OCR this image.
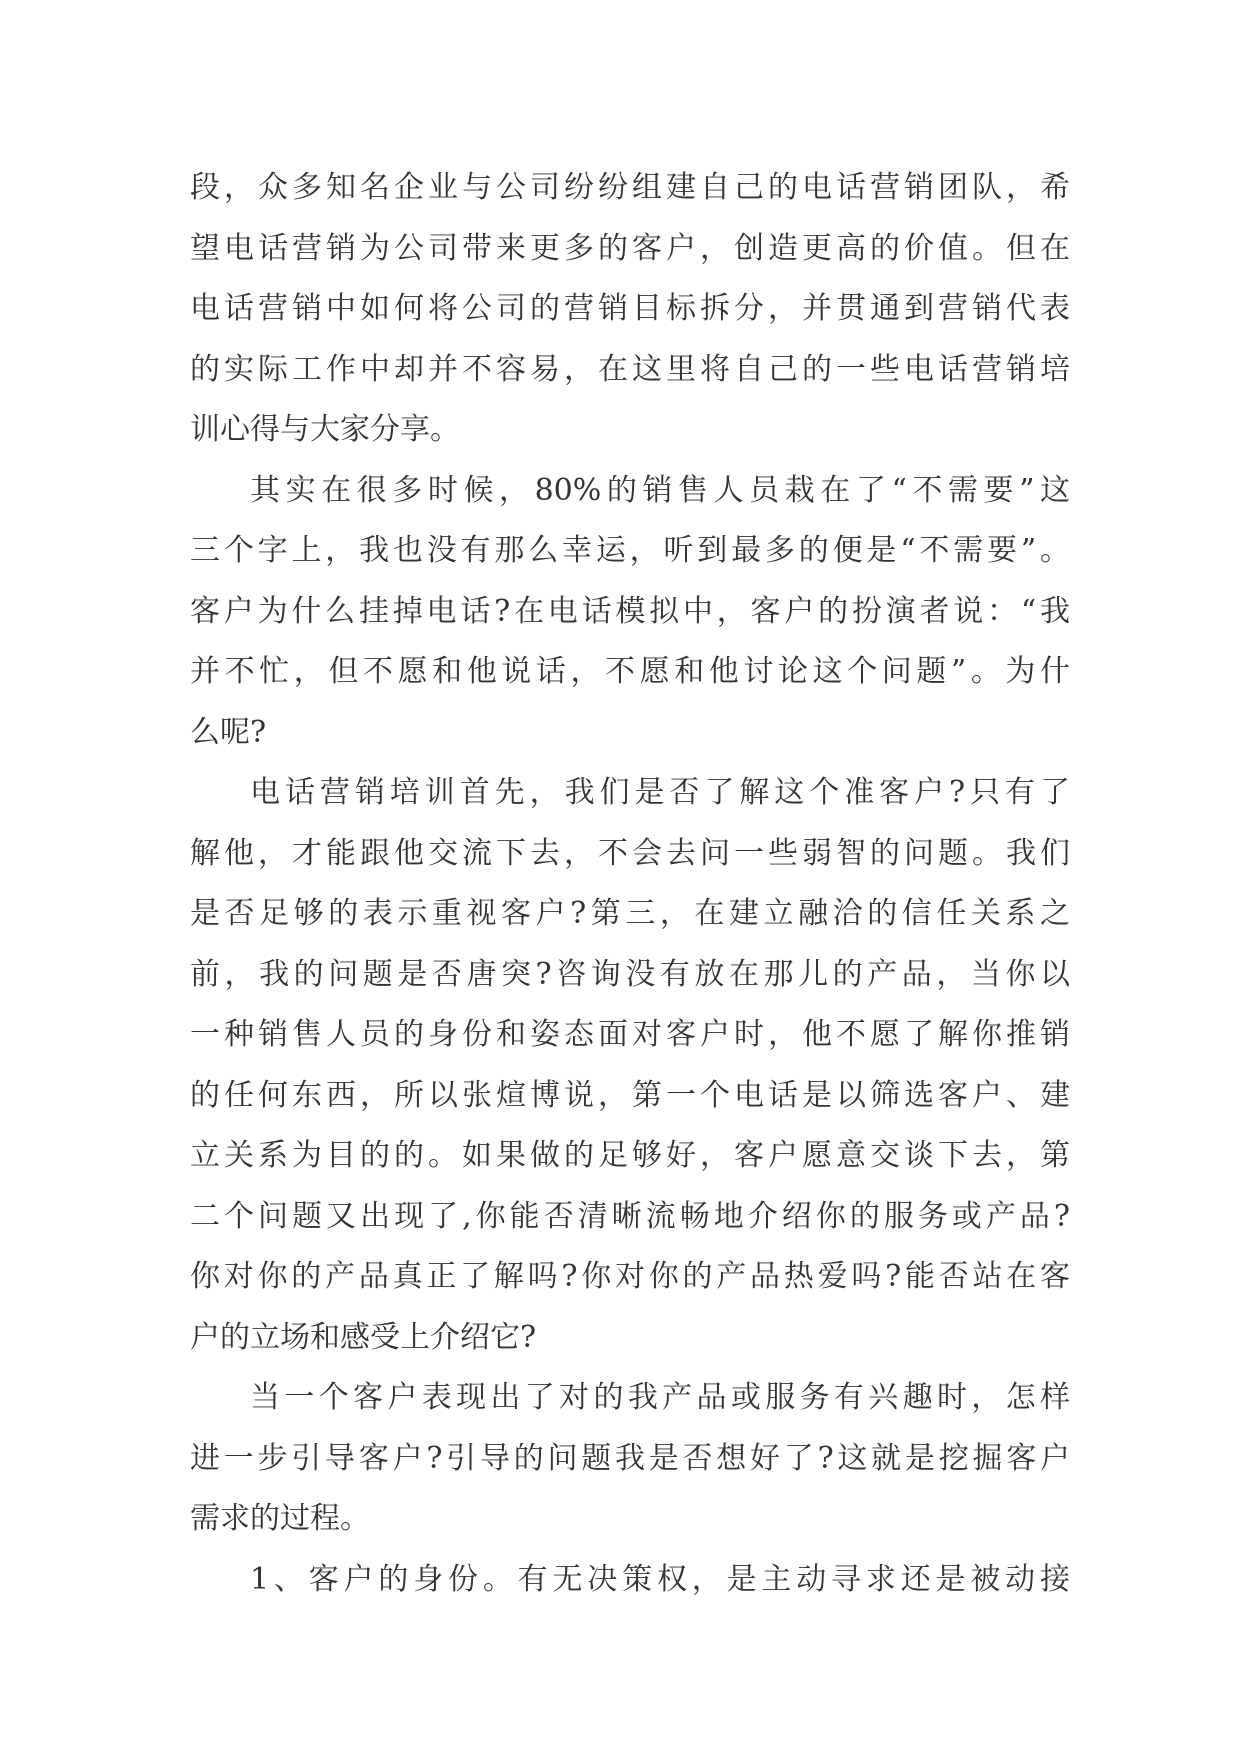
段，众多知名企业与公司纷纷组建自己的电话营销团队，希
望电话营销为公司带来更多的客户，创造更高的价值。但在
电话营销中如何将公司的营销目标拆分，并贯通到营销代表
的实际工作中却并不容易，在这里将自己的一些电话营销培
训心得与大家分享。
其实在很多时候，80%的销售人员栽在了“不需要”这
三个字上，我也没有那么幸运，听到最多的便是“不需要”。
客户为什么挂掉电话?在电话模拟中，客户的扮演者说：“我
并不忙，但不愿和他说话，不愿和他讨论这个问题”。为什
么呢?
电话营销培训首先，我们是否了解这个准客户?只有了
解他，才能跟他交流下去，不会去问一些弱智的问题。我们
是否足够的表示重视客户?第三，在建立融洽的信任关系之
前，我的问题是否唐突?咨询没有放在那儿的产品，当你以
一种销售人员的身份和姿态面对客户时，他不愿了解你推销
的任何东西，所以张煊博说，第一个电话是以筛选客户、建
立关系为目的的。如果做的足够好，客户愿意交谈下去，第
二个问题又出现了,你能否清晰流畅地介绍你的服务或产品?
你对你的产品真正了解吗?你对你的产品热爱吗?能否站在客
户的立场和感受上介绍它?
当一个客户表现出了对的我产品或服务有兴趣时，怎样
进一步引导客户?引导的问题我是否想好了?这就是挖掘客户
需求的过程。
1、客户的身份。有无决策权，是主动寻求还是被动接
